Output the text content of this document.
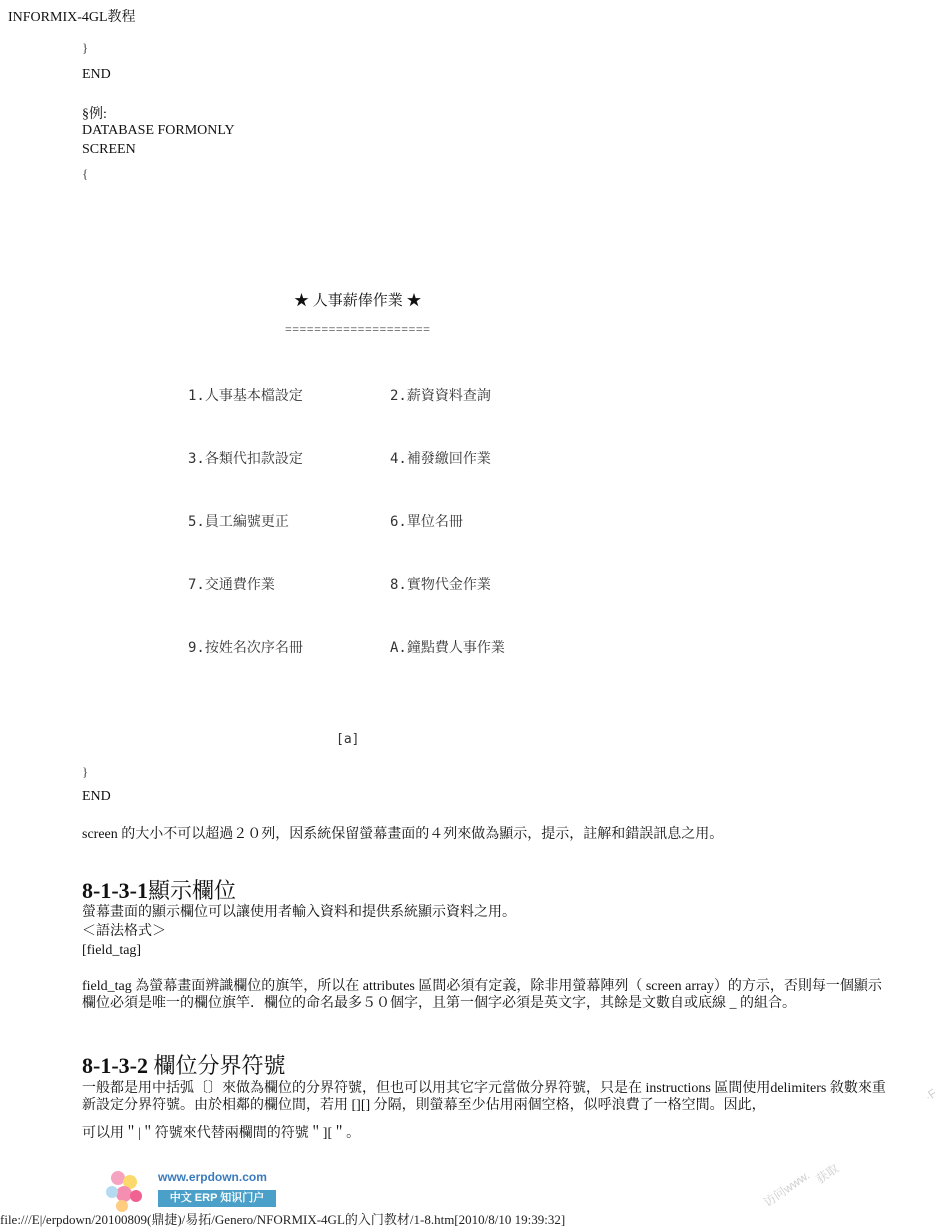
INFORMIX-4GL教程
}
END
§例:
DATABASE FORMONLY
SCREEN
{
★ 人事薪俸作業 ★
====================
1.人事基本檔設定	2.薪資資料查詢
3.各類代扣款設定	4.補發繳回作業
5.員工編號更正	6.單位名冊
7.交通費作業	8.實物代金作業
9.按姓名次序名冊	A.鐘點費人事作業
[a]
}
END
screen 的大小不可以超過２０列，因系統保留螢幕畫面的４列來做為顯示，提示，註解和錯誤訊息之用。
8-1-3-1顯示欄位
螢幕畫面的顯示欄位可以讓使用者輸入資料和提供系統顯示資料之用。
＜語法格式＞
[field_tag]
field_tag 為螢幕畫面辨識欄位的旗竿，所以在 attributes 區間必須有定義，除非用螢幕陣列（ screen array）的方示，否則每一個顯示欄位必須是唯一的欄位旗竿．欄位的命名最多５０個字，且第一個字必須是英文字，其餘是文數自或底線 _ 的組合。
8-1-3-2 欄位分界符號
一般都是用中括弧〔〕來做為欄位的分界符號，但也可以用其它字元當做分界符號，只是在 instructions 區間使用delimiters 敘數來重新設定分界符號。由於相鄰的欄位間，若用 [][] 分隔，則螢幕至少佔用兩個空格，似呼浪費了一格空間。因此，
可以用＂|＂符號來代替兩欄間的符號＂][＂。
www.erpdown.com
中文 ERP 知识门户	访问www. 获取
·F
file:///E|/erpdown/20100809(鼎捷)/易拓/Genero/NFORMIX-4GL的入门教材/1-8.htm[2010/8/10 19:39:32]
